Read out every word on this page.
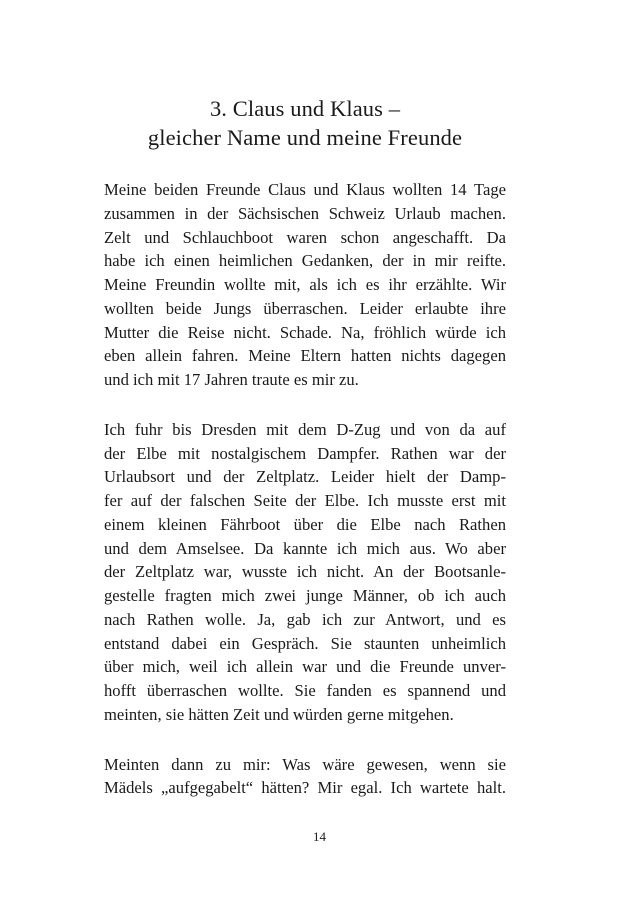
3. Claus und Klaus –
gleicher Name und meine Freunde
Meine beiden Freunde Claus und Klaus wollten 14 Tage
zusammen in der Sächsischen Schweiz Urlaub machen.
Zelt und Schlauchboot waren schon angeschafft. Da
habe ich einen heimlichen Gedanken, der in mir reifte.
Meine Freundin wollte mit, als ich es ihr erzählte. Wir
wollten beide Jungs überraschen. Leider erlaubte ihre
Mutter die Reise nicht. Schade. Na, fröhlich würde ich
eben allein fahren. Meine Eltern hatten nichts dagegen
und ich mit 17 Jahren traute es mir zu.
Ich fuhr bis Dresden mit dem D-Zug und von da auf
der Elbe mit nostalgischem Dampfer. Rathen war der
Urlaubsort und der Zeltplatz. Leider hielt der Damp-
fer auf der falschen Seite der Elbe. Ich musste erst mit
einem kleinen Fährboot über die Elbe nach Rathen
und dem Amselsee. Da kannte ich mich aus. Wo aber
der Zeltplatz war, wusste ich nicht. An der Bootsanle-
gestelle fragten mich zwei junge Männer, ob ich auch
nach Rathen wolle. Ja, gab ich zur Antwort, und es
entstand dabei ein Gespräch. Sie staunten unheimlich
über mich, weil ich allein war und die Freunde unver-
hofft überraschen wollte. Sie fanden es spannend und
meinten, sie hätten Zeit und würden gerne mitgehen.
Meinten dann zu mir: Was wäre gewesen, wenn sie
Mädels „aufgegabelt“ hätten? Mir egal. Ich wartete halt.
14
